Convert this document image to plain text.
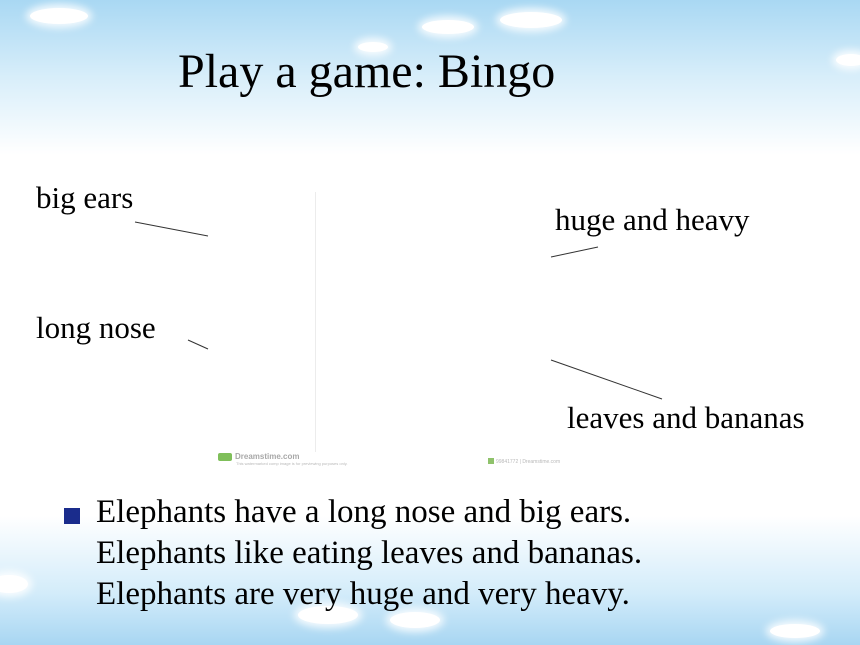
Play a game: Bingo
big ears
long nose
huge and heavy
leaves and bananas
Dreamstime.com
This watermarked comp image is for previewing purposes only.	99841772 | Dreamstime.com
Elephants have a long nose and big ears.
Elephants like eating leaves and bananas.
Elephants are very huge and very heavy.
